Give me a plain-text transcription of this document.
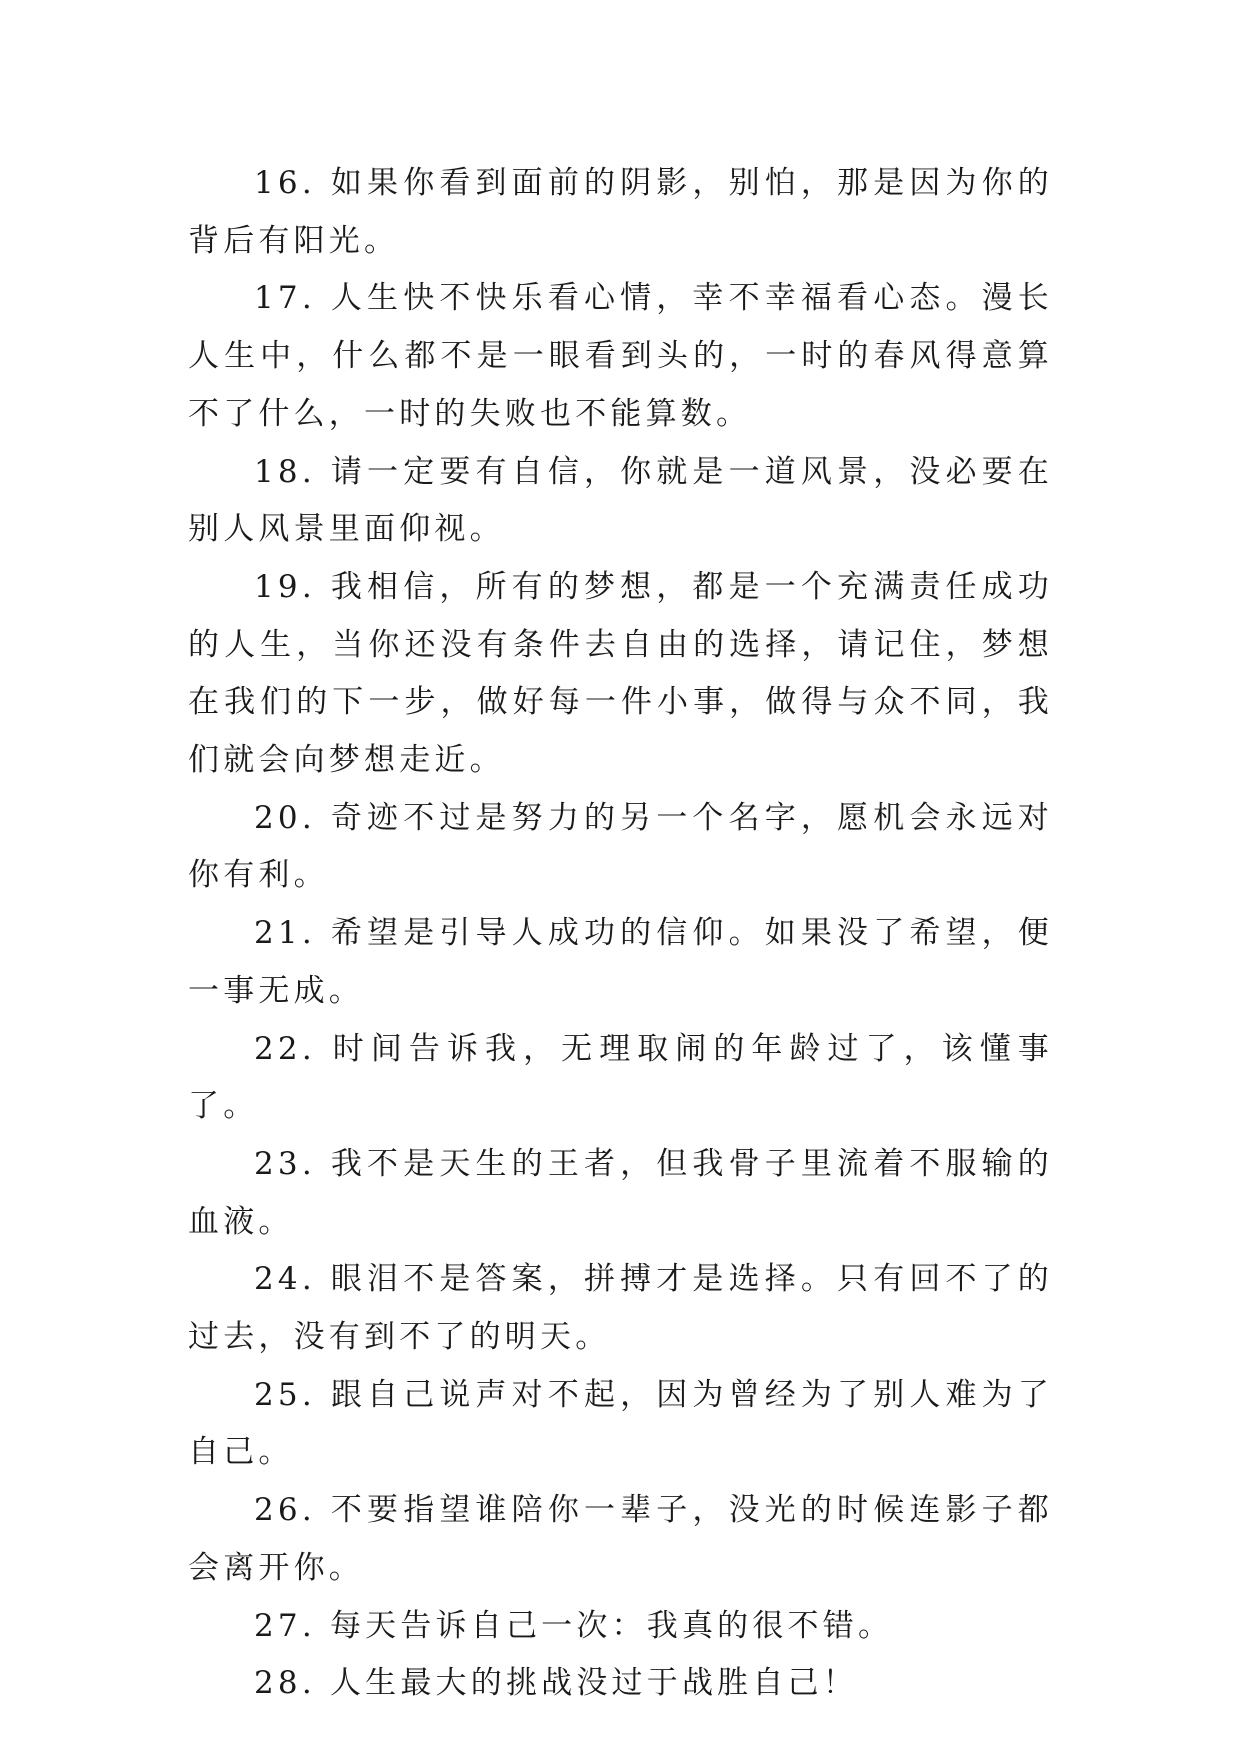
16. 如果你看到面前的阴影，别怕，那是因为你的背后有阳光。

17. 人生快不快乐看心情，幸不幸福看心态。漫长人生中，什么都不是一眼看到头的，一时的春风得意算不了什么，一时的失败也不能算数。

18. 请一定要有自信，你就是一道风景，没必要在别人风景里面仰视。

19. 我相信，所有的梦想，都是一个充满责任成功的人生，当你还没有条件去自由的选择，请记住，梦想在我们的下一步，做好每一件小事，做得与众不同，我们就会向梦想走近。

20. 奇迹不过是努力的另一个名字，愿机会永远对你有利。

21. 希望是引导人成功的信仰。如果没了希望，便一事无成。

22. 时间告诉我，无理取闹的年龄过了，该懂事了。

23. 我不是天生的王者，但我骨子里流着不服输的血液。

24. 眼泪不是答案，拼搏才是选择。只有回不了的过去，没有到不了的明天。

25. 跟自己说声对不起，因为曾经为了别人难为了自己。

26. 不要指望谁陪你一辈子，没光的时候连影子都会离开你。

27. 每天告诉自己一次：我真的很不错。

28. 人生最大的挑战没过于战胜自己！
